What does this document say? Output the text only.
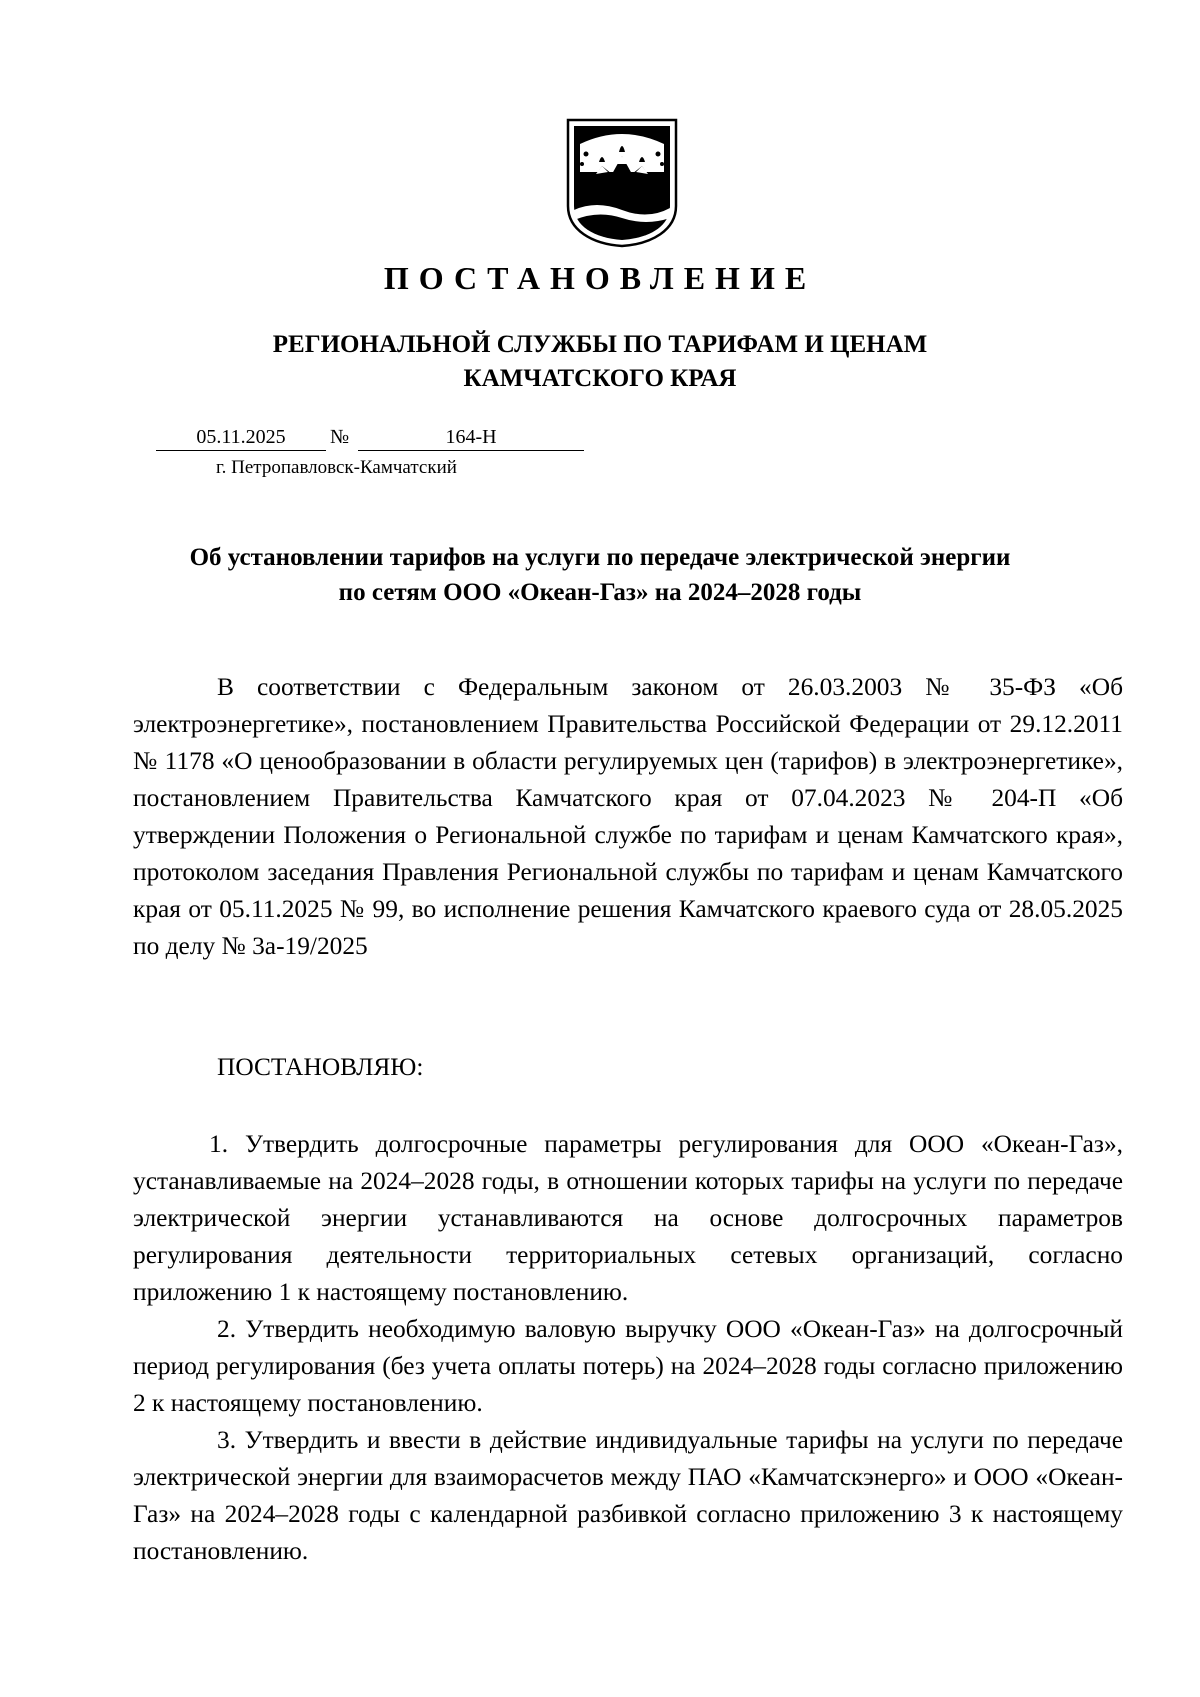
ПОСТАНОВЛЕНИЕ
РЕГИОНАЛЬНОЙ СЛУЖБЫ ПО ТАРИФАМ И ЦЕНАМ
КАМЧАТСКОГО КРАЯ
05.11.2025	№	164-Н
г. Петропавловск-Камчатский
Об установлении тарифов на услуги по передаче электрической энергии
по сетям ООО «Океан-Газ» на 2024–2028 годы

В соответствии с Федеральным законом от 26.03.2003 № 35-ФЗ «Об электроэнергетике», постановлением Правительства Российской Федерации от 29.12.2011 № 1178 «О ценообразовании в области регулируемых цен (тарифов) в электроэнергетике», постановлением Правительства Камчатского края от 07.04.2023 № 204-П «Об утверждении Положения о Региональной службе по тарифам и ценам Камчатского края», протоколом заседания Правления Региональной службы по тарифам и ценам Камчатского края от 05.11.2025 № 99, во исполнение решения Камчатского краевого суда от 28.05.2025 по делу № 3а-19/2025

ПОСТАНОВЛЯЮ:

1. Утвердить долгосрочные параметры регулирования для ООО «Океан-Газ», устанавливаемые на 2024–2028 годы, в отношении которых тарифы на услуги по передаче электрической энергии устанавливаются на основе долгосрочных параметров регулирования деятельности территориальных сетевых организаций, согласно приложению 1 к настоящему постановлению.

2. Утвердить необходимую валовую выручку ООО «Океан-Газ» на долгосрочный период регулирования (без учета оплаты потерь) на 2024–2028 годы согласно приложению 2 к настоящему постановлению.

3. Утвердить и ввести в действие индивидуальные тарифы на услуги по передаче электрической энергии для взаиморасчетов между ПАО «Камчатскэнерго» и ООО «Океан-Газ» на 2024–2028 годы с календарной разбивкой согласно приложению 3 к настоящему постановлению.
